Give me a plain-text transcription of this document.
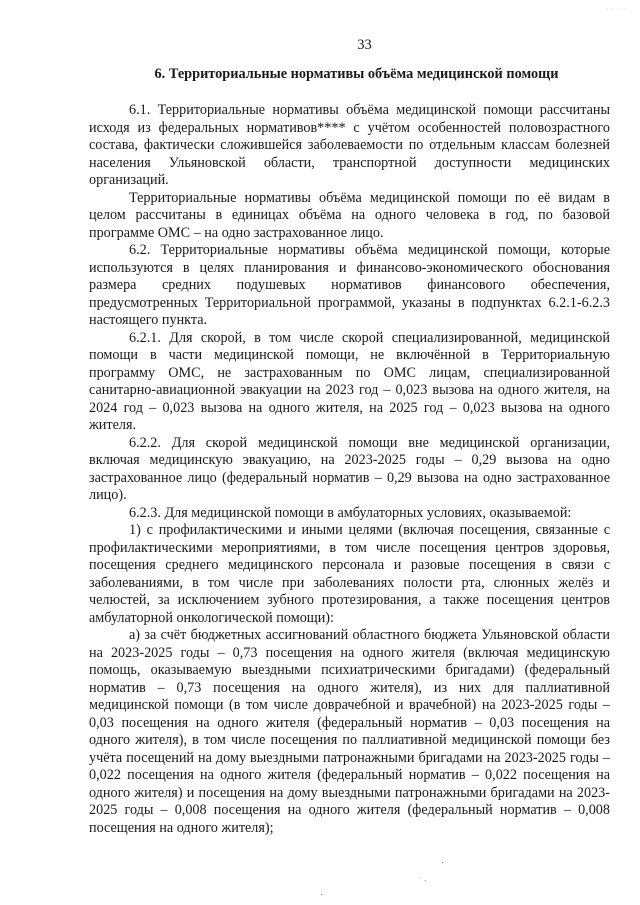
· · · ·
33
6. Территориальные нормативы объёма медицинской помощи

6.1. Территориальные нормативы объёма медицинской помощи рассчитаны исходя из федеральных нормативов**** с учётом особенностей половозрастного состава, фактически сложившейся заболеваемости по отдельным классам болезней населения Ульяновской области, транспортной доступности медицинских организаций.

Территориальные нормативы объёма медицинской помощи по её видам в целом рассчитаны в единицах объёма на одного человека в год, по базовой программе ОМС – на одно застрахованное лицо.

6.2. Территориальные нормативы объёма медицинской помощи, которые используются в целях планирования и финансово-экономического обоснования размера средних подушевых нормативов финансового обеспечения, предусмотренных Территориальной программой, указаны в подпунктах 6.2.1-6.2.3 настоящего пункта.

6.2.1. Для скорой, в том числе скорой специализированной, медицинской помощи в части медицинской помощи, не включённой в Территориальную программу ОМС, не застрахованным по ОМС лицам, специализированной санитарно-авиационной эвакуации на 2023 год – 0,023 вызова на одного жителя, на 2024 год – 0,023 вызова на одного жителя, на 2025 год – 0,023 вызова на одного жителя.

6.2.2. Для скорой медицинской помощи вне медицинской организации, включая медицинскую эвакуацию, на 2023-2025 годы – 0,29 вызова на одно застрахованное лицо (федеральный норматив – 0,29 вызова на одно застрахованное лицо).

6.2.3. Для медицинской помощи в амбулаторных условиях, оказываемой:

1) с профилактическими и иными целями (включая посещения, связанные с профилактическими мероприятиями, в том числе посещения центров здоровья, посещения среднего медицинского персонала и разовые посещения в связи с заболеваниями, в том числе при заболеваниях полости рта, слюнных желёз и челюстей, за исключением зубного протезирования, а также посещения центров амбулаторной онкологической помощи):

а) за счёт бюджетных ассигнований областного бюджета Ульяновской области на 2023-2025 годы – 0,73 посещения на одного жителя (включая медицинскую помощь, оказываемую выездными психиатрическими бригадами) (федеральный норматив – 0,73 посещения на одного жителя), из них для паллиативной медицинской помощи (в том числе доврачебной и врачебной) на 2023-2025 годы – 0,03 посещения на одного жителя (федеральный норматив – 0,03 посещения на одного жителя), в том числе посещения по паллиативной медицинской помощи без учёта посещений на дому выездными патронажными бригадами на 2023-2025 годы – 0,022 посещения на одного жителя (федеральный норматив – 0,022 посещения на одного жителя) и посещения на дому выездными патронажными бригадами на 2023-2025 годы – 0,008 посещения на одного жителя (федеральный норматив – 0,008 посещения на одного жителя);

·
˙ ·
·
